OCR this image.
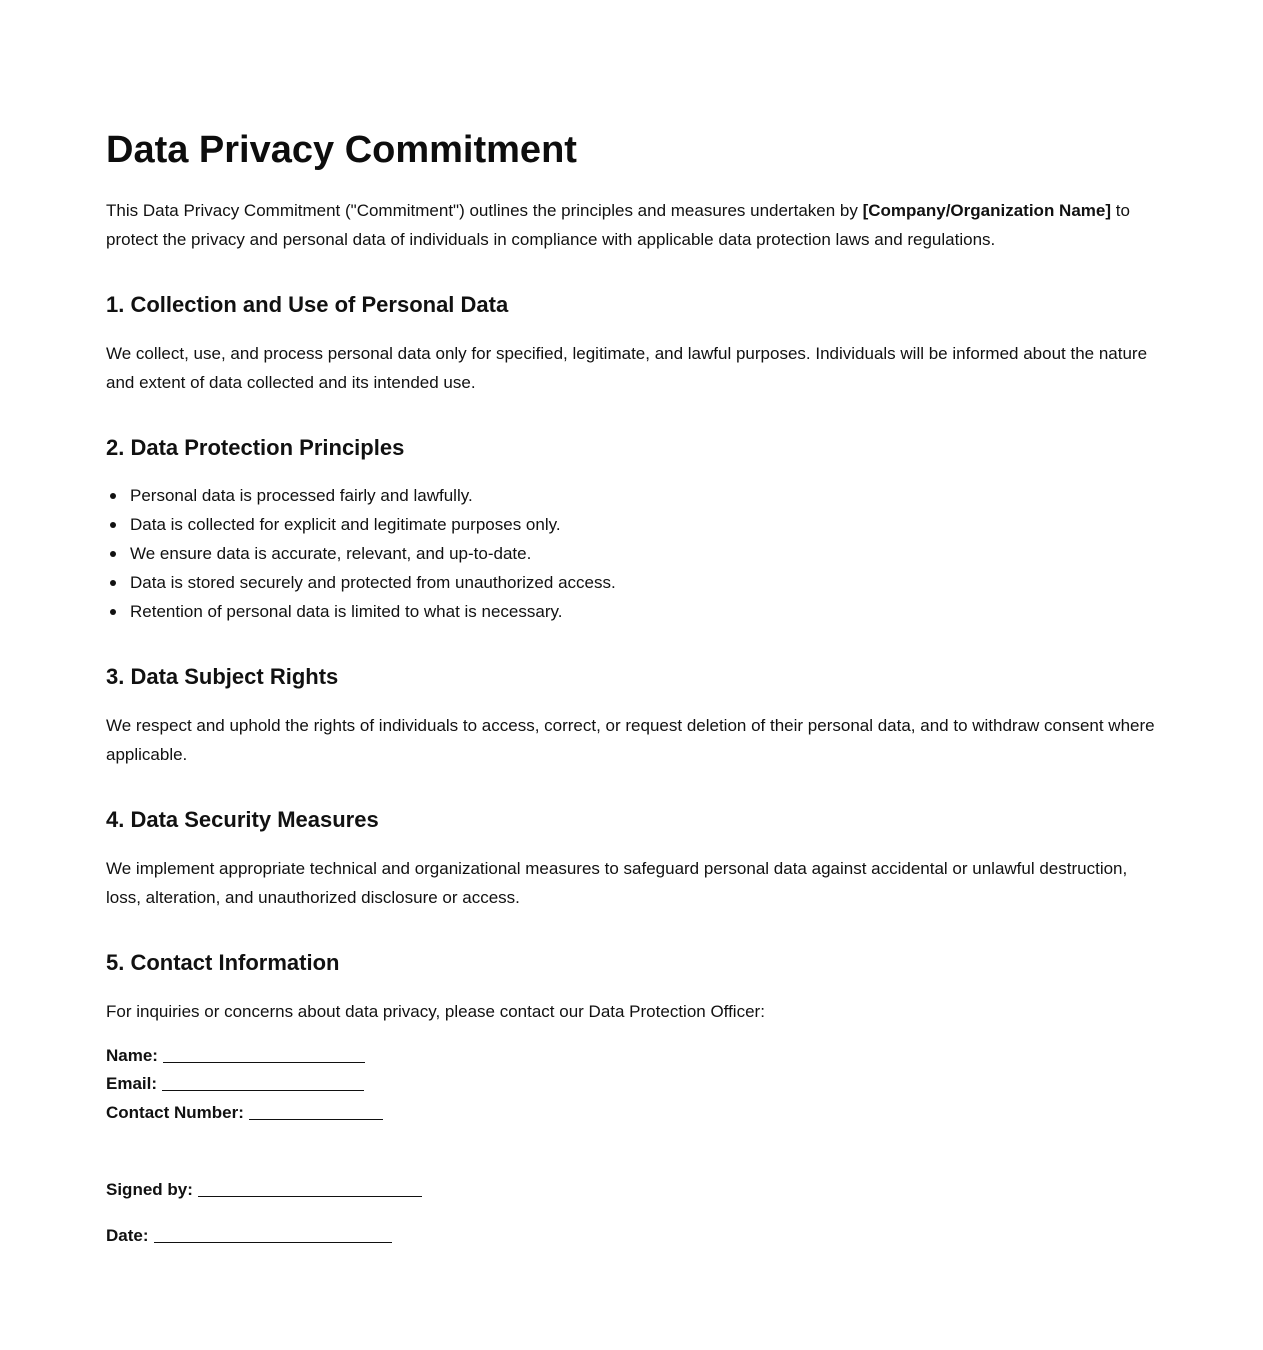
Data Privacy Commitment

This Data Privacy Commitment ("Commitment") outlines the principles and measures undertaken by [Company/Organization Name] to protect the privacy and personal data of individuals in compliance with applicable data protection laws and regulations.

1. Collection and Use of Personal Data

We collect, use, and process personal data only for specified, legitimate, and lawful purposes. Individuals will be informed about the nature and extent of data collected and its intended use.

2. Data Protection Principles
Personal data is processed fairly and lawfully.
Data is collected for explicit and legitimate purposes only.
We ensure data is accurate, relevant, and up-to-date.
Data is stored securely and protected from unauthorized access.
Retention of personal data is limited to what is necessary.
3. Data Subject Rights

We respect and uphold the rights of individuals to access, correct, or request deletion of their personal data, and to withdraw consent where applicable.

4. Data Security Measures

We implement appropriate technical and organizational measures to safeguard personal data against accidental or unlawful destruction, loss, alteration, and unauthorized disclosure or access.

5. Contact Information

For inquiries or concerns about data privacy, please contact our Data Protection Officer:

Name:
Email:
Contact Number:
Signed by:
Date:
